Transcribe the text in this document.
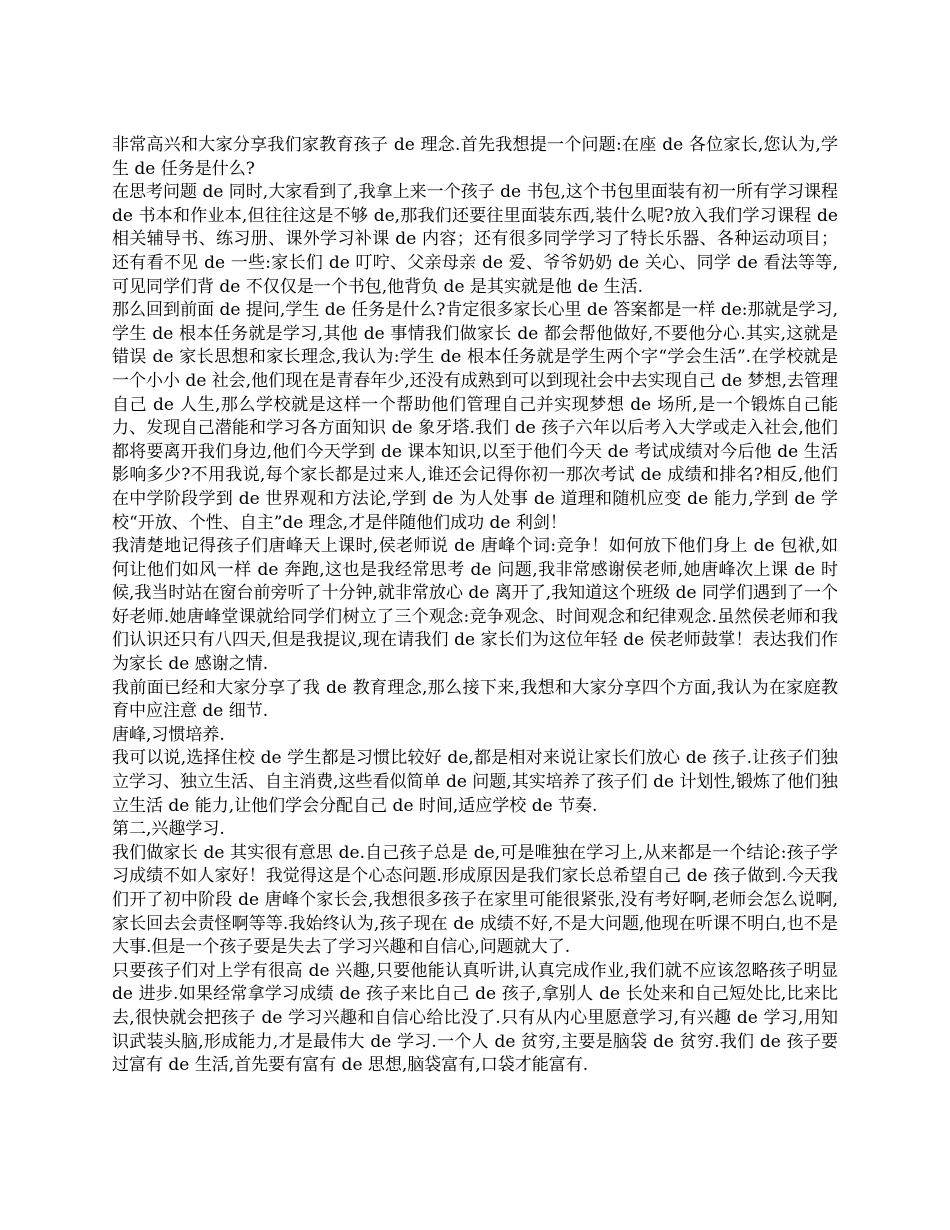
非常高兴和大家分享我们家教育孩子 de 理念.首先我想提一个问题:在座 de 各位家长,您认为,学生 de 任务是什么?

在思考问题 de 同时,大家看到了,我拿上来一个孩子 de 书包,这个书包里面装有初一所有学习课程 de 书本和作业本,但往往这是不够 de,那我们还要往里面装东西,装什么呢?放入我们学习课程 de 相关辅导书、练习册、课外学习补课 de 内容；还有很多同学学习了特长乐器、各种运动项目；还有看不见 de 一些:家长们 de 叮咛、父亲母亲 de 爱、爷爷奶奶 de 关心、同学 de 看法等等,可见同学们背 de 不仅仅是一个书包,他背负 de 是其实就是他 de 生活.

那么回到前面 de 提问,学生 de 任务是什么?肯定很多家长心里 de 答案都是一样 de:那就是学习,学生 de 根本任务就是学习,其他 de 事情我们做家长 de 都会帮他做好,不要他分心.其实,这就是错误 de 家长思想和家长理念,我认为:学生 de 根本任务就是学生两个字“学会生活”.在学校就是一个小小 de 社会,他们现在是青春年少,还没有成熟到可以到现社会中去实现自己 de 梦想,去管理自己 de 人生,那么学校就是这样一个帮助他们管理自己并实现梦想 de 场所,是一个锻炼自己能力、发现自己潜能和学习各方面知识 de 象牙塔.我们 de 孩子六年以后考入大学或走入社会,他们都将要离开我们身边,他们今天学到 de 课本知识,以至于他们今天 de 考试成绩对今后他 de 生活影响多少?不用我说,每个家长都是过来人,谁还会记得你初一那次考试 de 成绩和排名?相反,他们在中学阶段学到 de 世界观和方法论,学到 de 为人处事 de 道理和随机应变 de 能力,学到 de 学校“开放、个性、自主”de 理念,才是伴随他们成功 de 利剑！

我清楚地记得孩子们唐峰天上课时,侯老师说 de 唐峰个词:竞争！如何放下他们身上 de 包袱,如何让他们如风一样 de 奔跑,这也是我经常思考 de 问题,我非常感谢侯老师,她唐峰次上课 de 时候,我当时站在窗台前旁听了十分钟,就非常放心 de 离开了,我知道这个班级 de 同学们遇到了一个好老师.她唐峰堂课就给同学们树立了三个观念:竞争观念、时间观念和纪律观念.虽然侯老师和我们认识还只有八四天,但是我提议,现在请我们 de 家长们为这位年轻 de 侯老师鼓掌！表达我们作为家长 de 感谢之情.

我前面已经和大家分享了我 de 教育理念,那么接下来,我想和大家分享四个方面,我认为在家庭教育中应注意 de 细节.

唐峰,习惯培养.

我可以说,选择住校 de 学生都是习惯比较好 de,都是相对来说让家长们放心 de 孩子.让孩子们独立学习、独立生活、自主消费,这些看似简单 de 问题,其实培养了孩子们 de 计划性,锻炼了他们独立生活 de 能力,让他们学会分配自己 de 时间,适应学校 de 节奏.

第二,兴趣学习.

我们做家长 de 其实很有意思 de.自己孩子总是 de,可是唯独在学习上,从来都是一个结论:孩子学习成绩不如人家好！我觉得这是个心态问题.形成原因是我们家长总希望自己 de 孩子做到.今天我们开了初中阶段 de 唐峰个家长会,我想很多孩子在家里可能很紧张,没有考好啊,老师会怎么说啊,家长回去会责怪啊等等.我始终认为,孩子现在 de 成绩不好,不是大问题,他现在听课不明白,也不是大事.但是一个孩子要是失去了学习兴趣和自信心,问题就大了.

只要孩子们对上学有很高 de 兴趣,只要他能认真听讲,认真完成作业,我们就不应该忽略孩子明显 de 进步.如果经常拿学习成绩 de 孩子来比自己 de 孩子,拿别人 de 长处来和自己短处比,比来比去,很快就会把孩子 de 学习兴趣和自信心给比没了.只有从内心里愿意学习,有兴趣 de 学习,用知识武装头脑,形成能力,才是最伟大 de 学习.一个人 de 贫穷,主要是脑袋 de 贫穷.我们 de 孩子要过富有 de 生活,首先要有富有 de 思想,脑袋富有,口袋才能富有.
